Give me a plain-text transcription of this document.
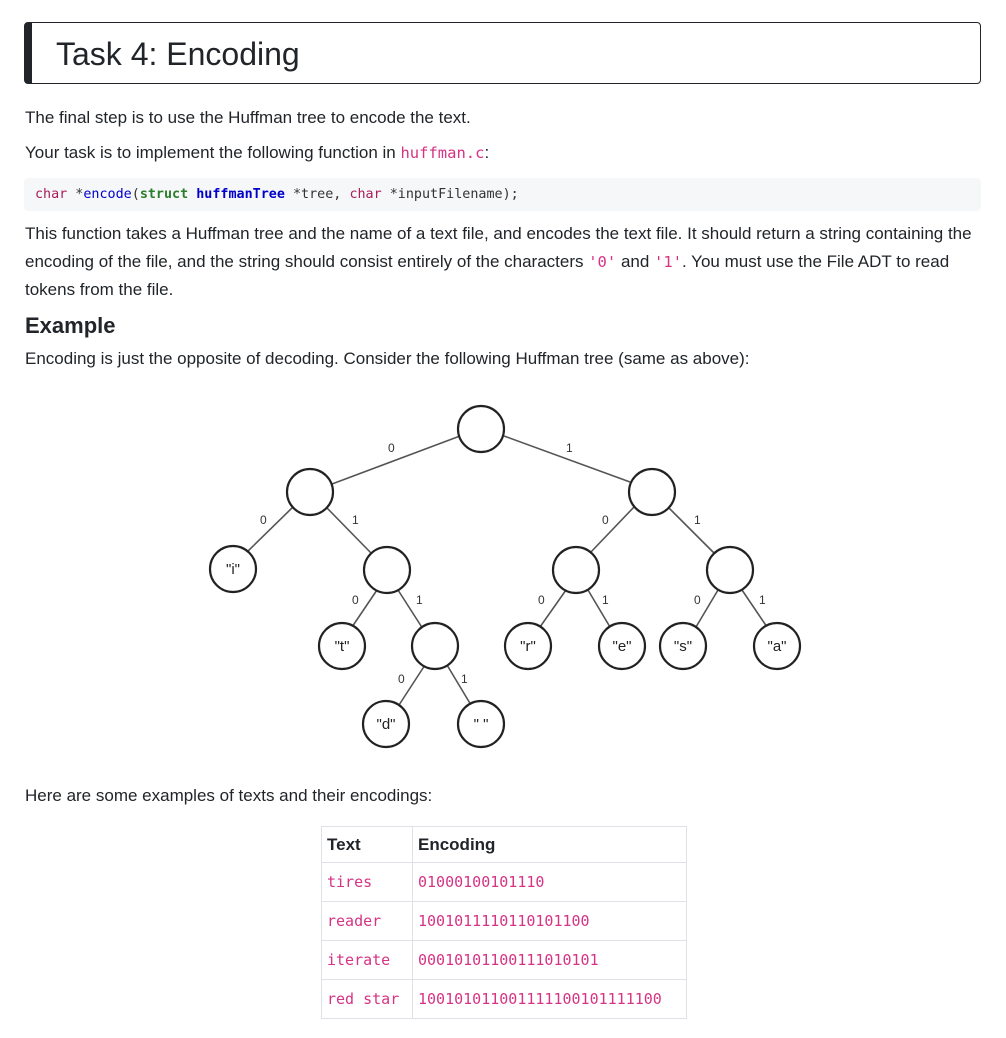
Task 4: Encoding

The final step is to use the Huffman tree to encode the text.

Your task is to implement the following function in huffman.c:

char *encode(struct huffmanTree *tree, char *inputFilename);

This function takes a Huffman tree and the name of a text file, and encodes the text file. It should return a string containing the encoding of the file, and the string should consist entirely of the characters '0' and '1'. You must use the File ADT to read tokens from the file.

Example

Encoding is just the opposite of decoding. Consider the following Huffman tree (same as above):

0	1
0	1	0	1
0	1	0	1	0	1
0	1
"i"
"t"
"d"	" "
"r"	"e"	"s"	"a"

Here are some examples of texts and their encodings:

Text	Encoding
tires	01000100101110
reader	1001011110110101100
iterate	00010101100111010101
red star	100101011001111100101111100
